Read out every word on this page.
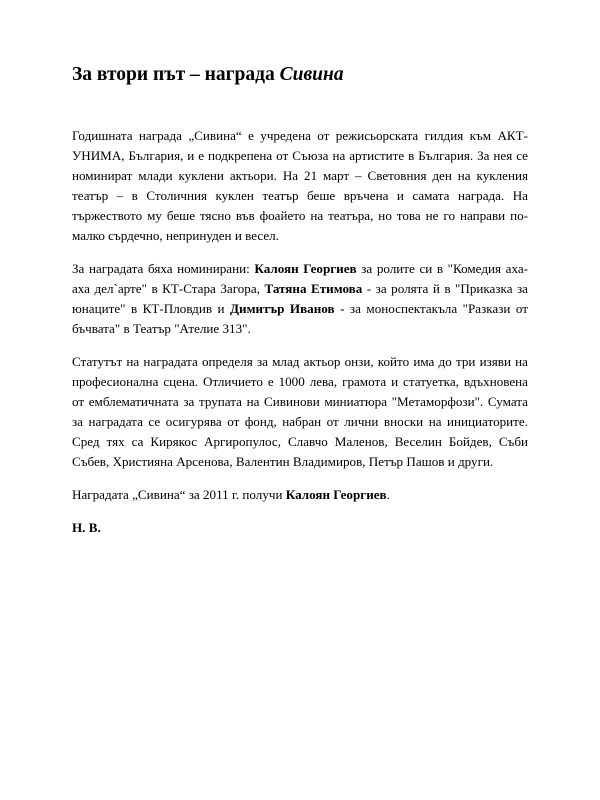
За втори път – награда Сивина

Годишната награда „Сивина“ е учредена от режисьорската гилдия към АКТ-УНИМА, България, и е подкрепена от Съюза на артистите в България. За нея се номинират млади куклени актьори. На 21 март – Световния ден на кукления театър – в Столичния куклен театър беше връчена и самата награда. На тържеството му беше тясно във фоайето на театъра, но това не го направи по-малко сърдечно, непринуден и весел.

За наградата бяха номинирани: Калоян Георгиев за ролите си в "Комедия аха-аха дел`арте" в КТ-Стара Загора, Татяна Етимова - за ролята й в "Приказка за юнаците" в КТ-Пловдив и Димитър Иванов - за моноспектакъла "Разкази от бъчвата" в Театър "Ателие 313".

Статутът на наградата определя за млад актьор онзи, който има до три изяви на професионална сцена. Отличието е 1000 лева, грамота и статуетка, вдъхновена от емблематичната за трупата на Сивинови миниатюра "Метаморфози". Сумата за наградата се осигурява от фонд, набран от лични вноски на инициаторите. Сред тях са Кирякос Аргиропулос, Славчо Маленов, Веселин Бойдев, Съби Събев, Християна Арсенова, Валентин Владимиров, Петър Пашов и други.

Наградата „Сивина“ за 2011 г. получи Калоян Георгиев.

Н. В.
